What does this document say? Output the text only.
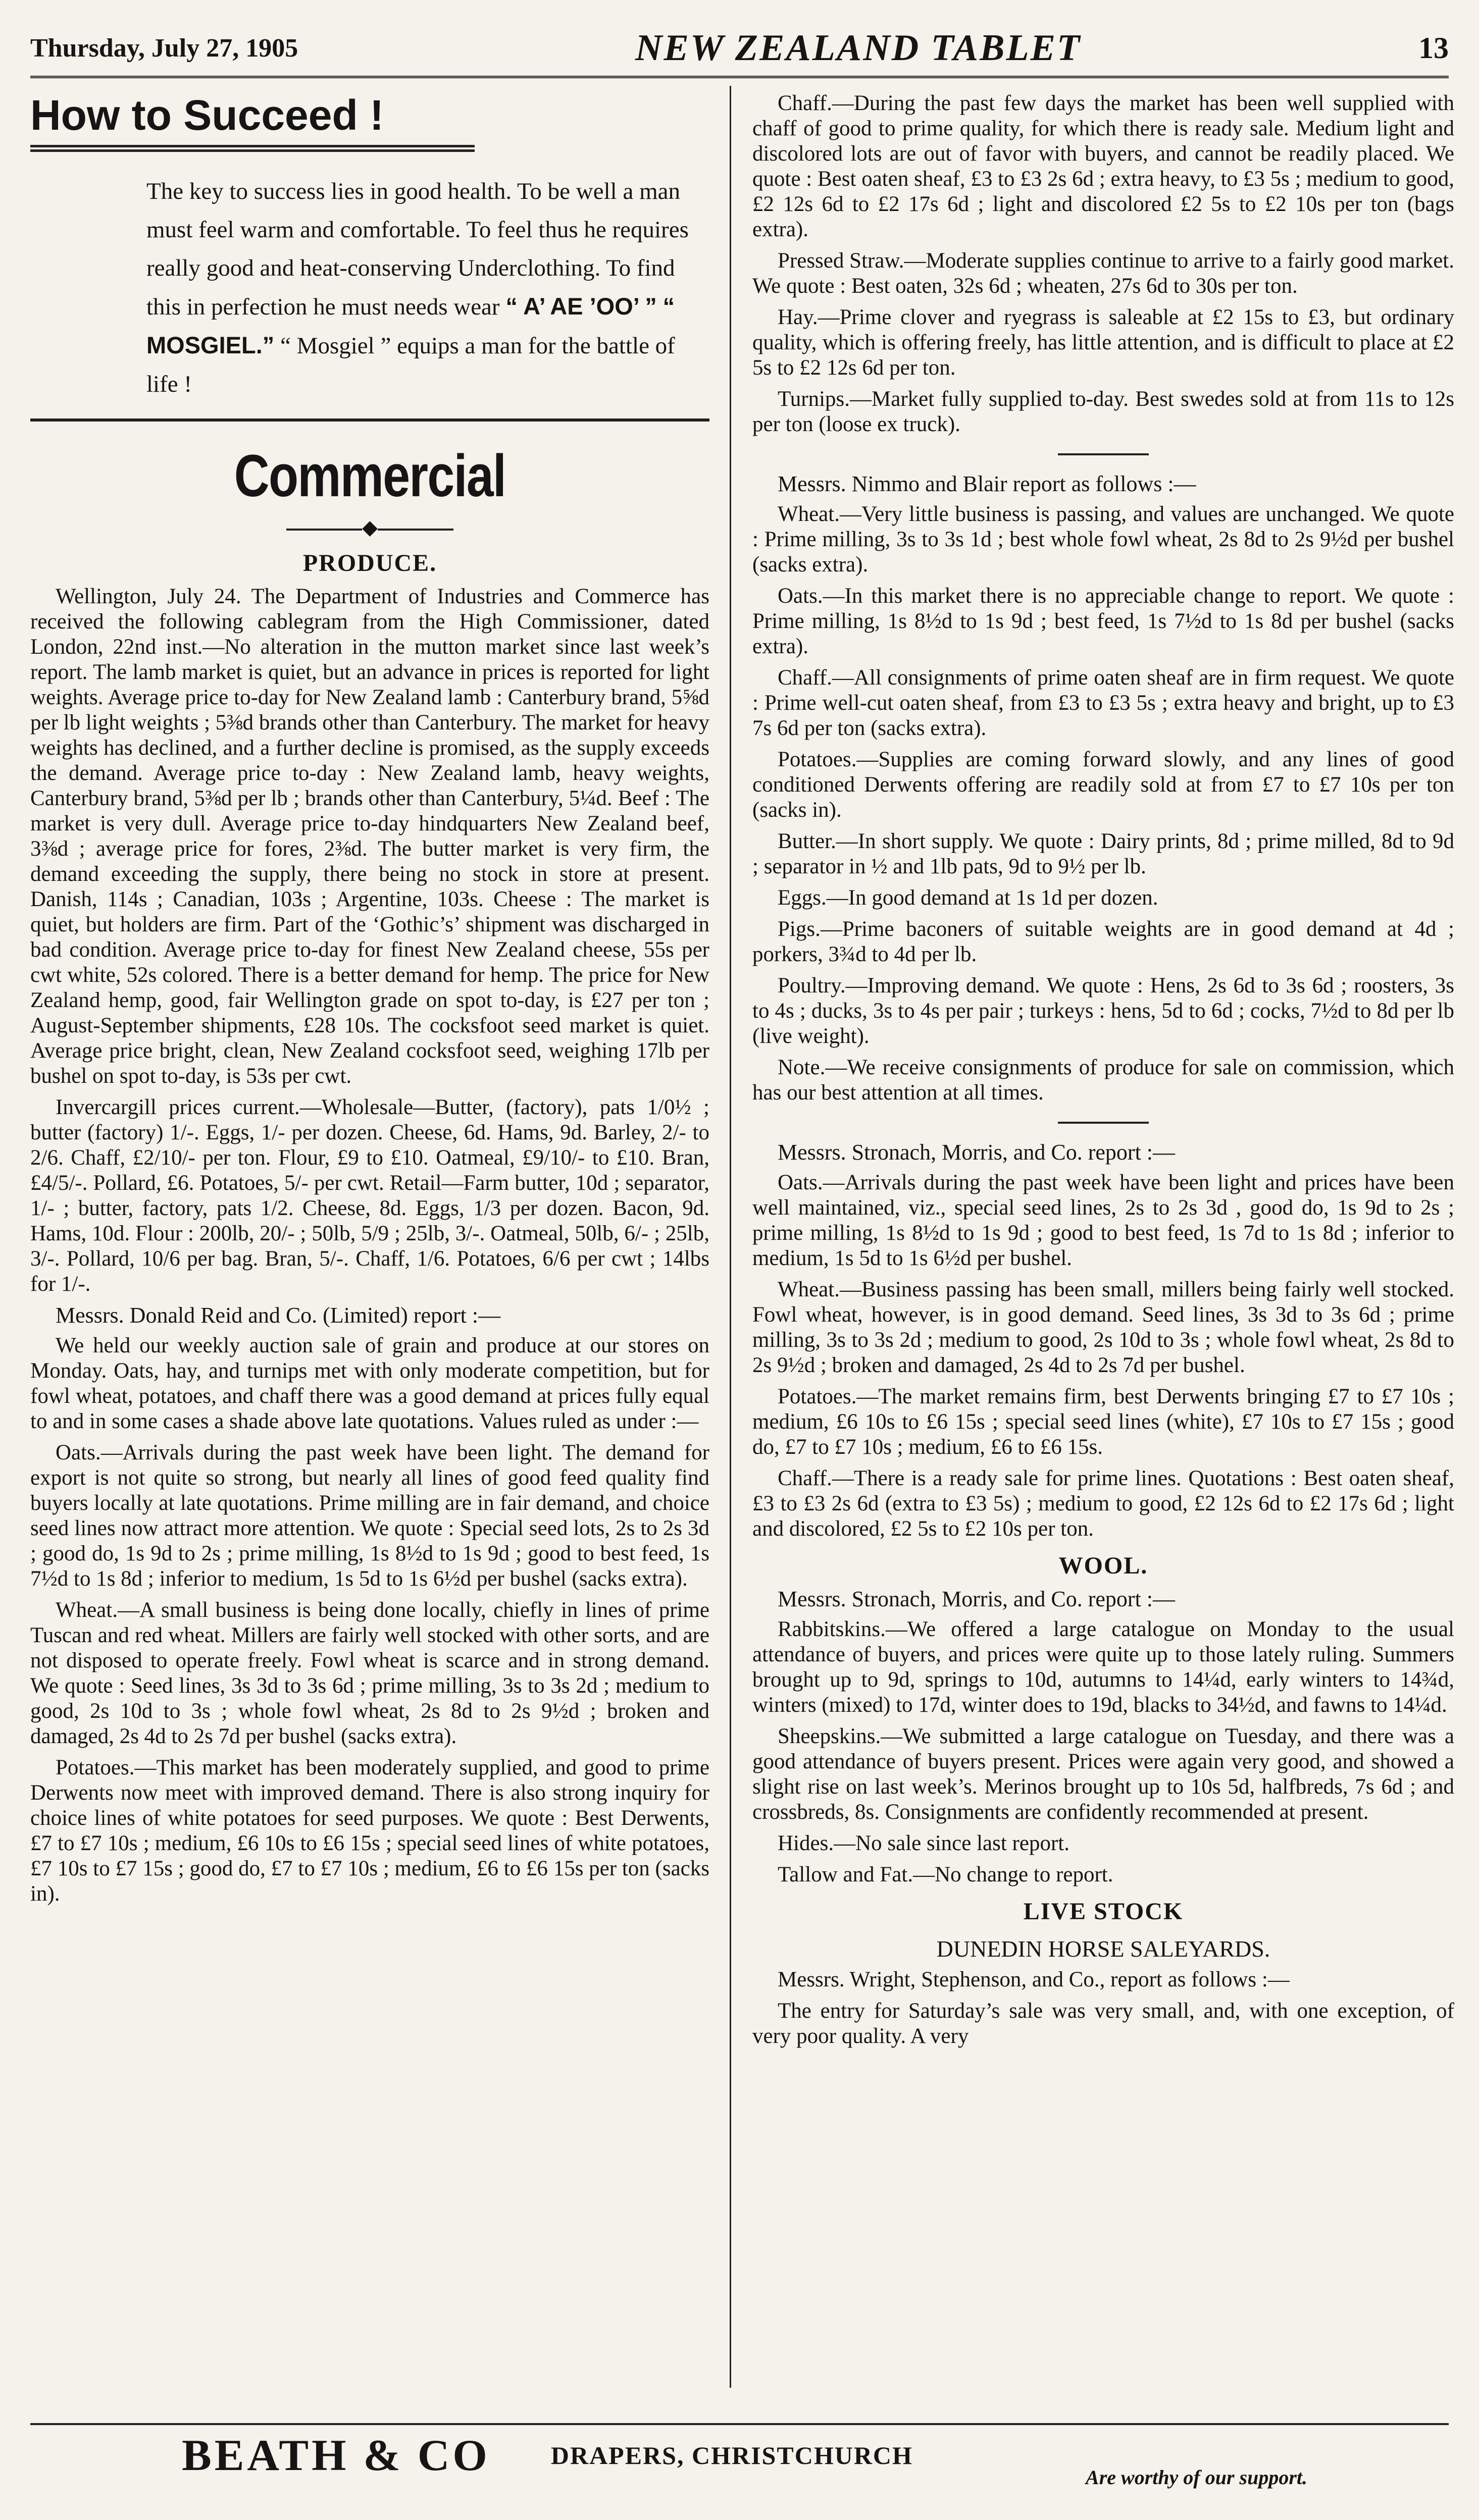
Thursday, July 27, 1905	NEW ZEALAND TABLET	13
How to Succeed !

The key to success lies in good health. To be well a man must feel warm and comfortable. To feel thus he requires really good and heat-conserving Underclothing. To find this in perfection he must needs wear “ A’ AE ’OO’ ” “ MOSGIEL.” “ Mosgiel ” equips a man for the battle of life !

Commercial
◆
PRODUCE.

Wellington, July 24. The Department of Industries and Commerce has received the following cablegram from the High Commissioner, dated London, 22nd inst.—No alteration in the mutton market since last week’s report. The lamb market is quiet, but an advance in prices is reported for light weights. Average price to-day for New Zealand lamb : Canterbury brand, 5⅝d per lb light weights ; 5⅜d brands other than Canterbury. The market for heavy weights has declined, and a further decline is promised, as the supply exceeds the demand. Average price to-day : New Zealand lamb, heavy weights, Canterbury brand, 5⅜d per lb ; brands other than Canterbury, 5¼d. Beef : The market is very dull. Average price to-day hindquarters New Zealand beef, 3⅜d ; average price for fores, 2⅜d. The butter market is very firm, the demand exceeding the supply, there being no stock in store at present. Danish, 114s ; Canadian, 103s ; Argentine, 103s. Cheese : The market is quiet, but holders are firm. Part of the ‘Gothic’s’ shipment was discharged in bad condition. Average price to-day for finest New Zealand cheese, 55s per cwt white, 52s colored. There is a better demand for hemp. The price for New Zealand hemp, good, fair Wellington grade on spot to-day, is £27 per ton ; August-September shipments, £28 10s. The cocksfoot seed market is quiet. Average price bright, clean, New Zealand cocksfoot seed, weighing 17lb per bushel on spot to-day, is 53s per cwt.

Invercargill prices current.—Wholesale—Butter, (factory), pats 1/0½ ; butter (factory) 1/-. Eggs, 1/- per dozen. Cheese, 6d. Hams, 9d. Barley, 2/- to 2/6. Chaff, £2/10/- per ton. Flour, £9 to £10. Oatmeal, £9/10/- to £10. Bran, £4/5/-. Pollard, £6. Potatoes, 5/- per cwt. Retail—Farm butter, 10d ; separator, 1/- ; butter, factory, pats 1/2. Cheese, 8d. Eggs, 1/3 per dozen. Bacon, 9d. Hams, 10d. Flour : 200lb, 20/- ; 50lb, 5/9 ; 25lb, 3/-. Oatmeal, 50lb, 6/- ; 25lb, 3/-. Pollard, 10/6 per bag. Bran, 5/-. Chaff, 1/6. Potatoes, 6/6 per cwt ; 14lbs for 1/-.

Messrs. Donald Reid and Co. (Limited) report :—

We held our weekly auction sale of grain and produce at our stores on Monday. Oats, hay, and turnips met with only moderate competition, but for fowl wheat, potatoes, and chaff there was a good demand at prices fully equal to and in some cases a shade above late quotations. Values ruled as under :—

Oats.—Arrivals during the past week have been light. The demand for export is not quite so strong, but nearly all lines of good feed quality find buyers locally at late quotations. Prime milling are in fair demand, and choice seed lines now attract more attention. We quote : Special seed lots, 2s to 2s 3d ; good do, 1s 9d to 2s ; prime milling, 1s 8½d to 1s 9d ; good to best feed, 1s 7½d to 1s 8d ; inferior to medium, 1s 5d to 1s 6½d per bushel (sacks extra).

Wheat.—A small business is being done locally, chiefly in lines of prime Tuscan and red wheat. Millers are fairly well stocked with other sorts, and are not disposed to operate freely. Fowl wheat is scarce and in strong demand. We quote : Seed lines, 3s 3d to 3s 6d ; prime milling, 3s to 3s 2d ; medium to good, 2s 10d to 3s ; whole fowl wheat, 2s 8d to 2s 9½d ; broken and damaged, 2s 4d to 2s 7d per bushel (sacks extra).

Potatoes.—This market has been moderately supplied, and good to prime Derwents now meet with improved demand. There is also strong inquiry for choice lines of white potatoes for seed purposes. We quote : Best Derwents, £7 to £7 10s ; medium, £6 10s to £6 15s ; special seed lines of white potatoes, £7 10s to £7 15s ; good do, £7 to £7 10s ; medium, £6 to £6 15s per ton (sacks in).

Chaff.—During the past few days the market has been well supplied with chaff of good to prime quality, for which there is ready sale. Medium light and discolored lots are out of favor with buyers, and cannot be readily placed. We quote : Best oaten sheaf, £3 to £3 2s 6d ; extra heavy, to £3 5s ; medium to good, £2 12s 6d to £2 17s 6d ; light and discolored £2 5s to £2 10s per ton (bags extra).

Pressed Straw.—Moderate supplies continue to arrive to a fairly good market. We quote : Best oaten, 32s 6d ; wheaten, 27s 6d to 30s per ton.

Hay.—Prime clover and ryegrass is saleable at £2 15s to £3, but ordinary quality, which is offering freely, has little attention, and is difficult to place at £2 5s to £2 12s 6d per ton.

Turnips.—Market fully supplied to-day. Best swedes sold at from 11s to 12s per ton (loose ex truck).

Messrs. Nimmo and Blair report as follows :—

Wheat.—Very little business is passing, and values are unchanged. We quote : Prime milling, 3s to 3s 1d ; best whole fowl wheat, 2s 8d to 2s 9½d per bushel (sacks extra).

Oats.—In this market there is no appreciable change to report. We quote : Prime milling, 1s 8½d to 1s 9d ; best feed, 1s 7½d to 1s 8d per bushel (sacks extra).

Chaff.—All consignments of prime oaten sheaf are in firm request. We quote : Prime well-cut oaten sheaf, from £3 to £3 5s ; extra heavy and bright, up to £3 7s 6d per ton (sacks extra).

Potatoes.—Supplies are coming forward slowly, and any lines of good conditioned Derwents offering are readily sold at from £7 to £7 10s per ton (sacks in).

Butter.—In short supply. We quote : Dairy prints, 8d ; prime milled, 8d to 9d ; separator in ½ and 1lb pats, 9d to 9½ per lb.

Eggs.—In good demand at 1s 1d per dozen.

Pigs.—Prime baconers of suitable weights are in good demand at 4d ; porkers, 3¾d to 4d per lb.

Poultry.—Improving demand. We quote : Hens, 2s 6d to 3s 6d ; roosters, 3s to 4s ; ducks, 3s to 4s per pair ; turkeys : hens, 5d to 6d ; cocks, 7½d to 8d per lb (live weight).

Note.—We receive consignments of produce for sale on commission, which has our best attention at all times.

Messrs. Stronach, Morris, and Co. report :—

Oats.—Arrivals during the past week have been light and prices have been well maintained, viz., special seed lines, 2s to 2s 3d , good do, 1s 9d to 2s ; prime milling, 1s 8½d to 1s 9d ; good to best feed, 1s 7d to 1s 8d ; inferior to medium, 1s 5d to 1s 6½d per bushel.

Wheat.—Business passing has been small, millers being fairly well stocked. Fowl wheat, however, is in good demand. Seed lines, 3s 3d to 3s 6d ; prime milling, 3s to 3s 2d ; medium to good, 2s 10d to 3s ; whole fowl wheat, 2s 8d to 2s 9½d ; broken and damaged, 2s 4d to 2s 7d per bushel.

Potatoes.—The market remains firm, best Derwents bringing £7 to £7 10s ; medium, £6 10s to £6 15s ; special seed lines (white), £7 10s to £7 15s ; good do, £7 to £7 10s ; medium, £6 to £6 15s.

Chaff.—There is a ready sale for prime lines. Quotations : Best oaten sheaf, £3 to £3 2s 6d (extra to £3 5s) ; medium to good, £2 12s 6d to £2 17s 6d ; light and discolored, £2 5s to £2 10s per ton.

WOOL.

Messrs. Stronach, Morris, and Co. report :—

Rabbitskins.—We offered a large catalogue on Monday to the usual attendance of buyers, and prices were quite up to those lately ruling. Summers brought up to 9d, springs to 10d, autumns to 14¼d, early winters to 14¾d, winters (mixed) to 17d, winter does to 19d, blacks to 34½d, and fawns to 14¼d.

Sheepskins.—We submitted a large catalogue on Tuesday, and there was a good attendance of buyers present. Prices were again very good, and showed a slight rise on last week’s. Merinos brought up to 10s 5d, halfbreds, 7s 6d ; and crossbreds, 8s. Consignments are confidently recommended at present.

Hides.—No sale since last report.

Tallow and Fat.—No change to report.

LIVE STOCK
DUNEDIN HORSE SALEYARDS.

Messrs. Wright, Stephenson, and Co., report as follows :—

The entry for Saturday’s sale was very small, and, with one exception, of very poor quality. A very

BEATH & CO DRAPERS, CHRISTCHURCH
Are worthy of our support.
